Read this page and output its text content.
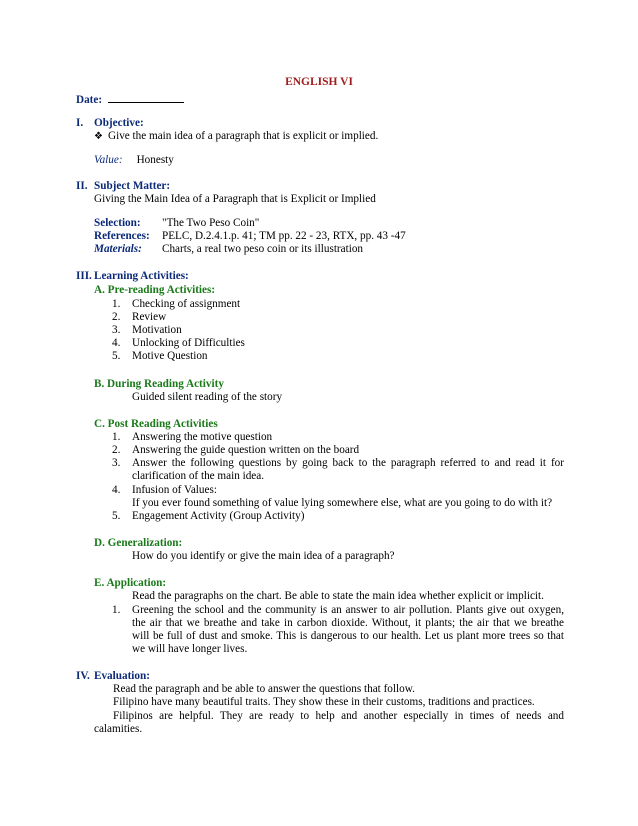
ENGLISH VI
Date:
I. Objective:
❖ Give the main idea of a paragraph that is explicit or implied.
Value: Honesty
II. Subject Matter:
Giving the Main Idea of a Paragraph that is Explicit or Implied
Selection: "The Two Peso Coin"
References: PELC, D.2.4.1.p. 41; TM pp. 22 - 23, RTX, pp. 43 -47
Materials: Charts, a real two peso coin or its illustration
III. Learning Activities:
A. Pre-reading Activities:
1. Checking of assignment
2. Review
3. Motivation
4. Unlocking of Difficulties
5. Motive Question
B. During Reading Activity
Guided silent reading of the story
C. Post Reading Activities
1. Answering the motive question
2. Answering the guide question written on the board
3. Answer the following questions by going back to the paragraph referred to and read it for
clarification of the main idea.
4. Infusion of Values:
If you ever found something of value lying somewhere else, what are you going to do with it?
5. Engagement Activity (Group Activity)
D. Generalization:
How do you identify or give the main idea of a paragraph?
E. Application:
Read the paragraphs on the chart. Be able to state the main idea whether explicit or implicit.
1. Greening the school and the community is an answer to air pollution. Plants give out oxygen,
the air that we breathe and take in carbon dioxide. Without, it plants; the air that we breathe
will be full of dust and smoke. This is dangerous to our health. Let us plant more trees so that
we will have longer lives.
IV. Evaluation:
Read the paragraph and be able to answer the questions that follow.
Filipino have many beautiful traits. They show these in their customs, traditions and practices.
Filipinos are helpful. They are ready to help and another especially in times of needs and
calamities.
